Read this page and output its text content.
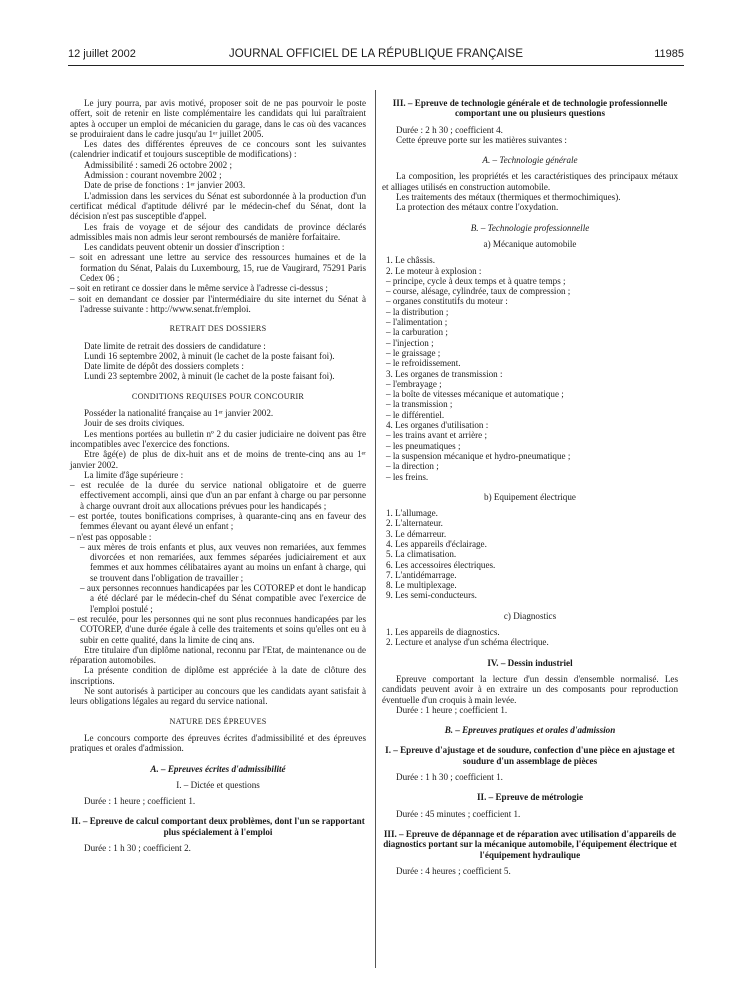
12 juillet 2002	JOURNAL OFFICIEL DE LA RÉPUBLIQUE FRANÇAISE	11985

Le jury pourra, par avis motivé, proposer soit de ne pas pourvoir le poste offert, soit de retenir en liste complémentaire les candidats qui lui paraîtraient aptes à occuper un emploi de mécanicien du garage, dans le cas où des vacances se produiraient dans le cadre jusqu'au 1ᵉʳ juillet 2005.

Les dates des différentes épreuves de ce concours sont les suivantes (calendrier indicatif et toujours susceptible de modifications) :

Admissibilité : samedi 26 octobre 2002 ;

Admission : courant novembre 2002 ;

Date de prise de fonctions : 1ᵉʳ janvier 2003.

L'admission dans les services du Sénat est subordonnée à la production d'un certificat médical d'aptitude délivré par le médecin-chef du Sénat, dont la décision n'est pas susceptible d'appel.

Les frais de voyage et de séjour des candidats de province déclarés admissibles mais non admis leur seront remboursés de manière forfaitaire.

Les candidats peuvent obtenir un dossier d'inscription :

– soit en adressant une lettre au service des ressources humaines et de la formation du Sénat, Palais du Luxembourg, 15, rue de Vaugirard, 75291 Paris Cedex 06 ;

– soit en retirant ce dossier dans le même service à l'adresse ci-dessus ;

– soit en demandant ce dossier par l'intermédiaire du site internet du Sénat à l'adresse suivante : http://www.senat.fr/emploi.

RETRAIT DES DOSSIERS

Date limite de retrait des dossiers de candidature :

Lundi 16 septembre 2002, à minuit (le cachet de la poste faisant foi).

Date limite de dépôt des dossiers complets :

Lundi 23 septembre 2002, à minuit (le cachet de la poste faisant foi).

CONDITIONS REQUISES POUR CONCOURIR

Posséder la nationalité française au 1ᵉʳ janvier 2002.

Jouir de ses droits civiques.

Les mentions portées au bulletin nº 2 du casier judiciaire ne doivent pas être incompatibles avec l'exercice des fonctions.

Etre âgé(e) de plus de dix-huit ans et de moins de trente-cinq ans au 1ᵉʳ janvier 2002.

La limite d'âge supérieure :

– est reculée de la durée du service national obligatoire et de guerre effectivement accompli, ainsi que d'un an par enfant à charge ou par personne à charge ouvrant droit aux allocations prévues pour les handicapés ;

– est portée, toutes bonifications comprises, à quarante-cinq ans en faveur des femmes élevant ou ayant élevé un enfant ;

– n'est pas opposable :

– aux mères de trois enfants et plus, aux veuves non remariées, aux femmes divorcées et non remariées, aux femmes séparées judiciairement et aux femmes et aux hommes célibataires ayant au moins un enfant à charge, qui se trouvent dans l'obligation de travailler ;

– aux personnes reconnues handicapées par les COTOREP et dont le handicap a été déclaré par le médecin-chef du Sénat compatible avec l'exercice de l'emploi postulé ;

– est reculée, pour les personnes qui ne sont plus reconnues handicapées par les COTOREP, d'une durée égale à celle des traitements et soins qu'elles ont eu à subir en cette qualité, dans la limite de cinq ans.

Etre titulaire d'un diplôme national, reconnu par l'Etat, de maintenance ou de réparation automobiles.

La présente condition de diplôme est appréciée à la date de clôture des inscriptions.

Ne sont autorisés à participer au concours que les candidats ayant satisfait à leurs obligations légales au regard du service national.

NATURE DES ÉPREUVES

Le concours comporte des épreuves écrites d'admissibilité et des épreuves pratiques et orales d'admission.

A. – Epreuves écrites d'admissibilité

I. – Dictée et questions

Durée : 1 heure ; coefficient 1.

II. – Epreuve de calcul comportant deux problèmes, dont l'un se rapportant plus spécialement à l'emploi

Durée : 1 h 30 ; coefficient 2.

III. – Epreuve de technologie générale et de technologie professionnelle comportant une ou plusieurs questions

Durée : 2 h 30 ; coefficient 4.

Cette épreuve porte sur les matières suivantes :

A. – Technologie générale

La composition, les propriétés et les caractéristiques des principaux métaux et alliages utilisés en construction automobile.

Les traitements des métaux (thermiques et thermochimiques).

La protection des métaux contre l'oxydation.

B. – Technologie professionnelle

a) Mécanique automobile

1. Le châssis.

2. Le moteur à explosion :

– principe, cycle à deux temps et à quatre temps ;

– course, alésage, cylindrée, taux de compression ;

– organes constitutifs du moteur :

– la distribution ;

– l'alimentation ;

– la carburation ;

– l'injection ;

– le graissage ;

– le refroidissement.

3. Les organes de transmission :

– l'embrayage ;

– la boîte de vitesses mécanique et automatique ;

– la transmission ;

– le différentiel.

4. Les organes d'utilisation :

– les trains avant et arrière ;

– les pneumatiques ;

– la suspension mécanique et hydro-pneumatique ;

– la direction ;

– les freins.

b) Equipement électrique

1. L'allumage.

2. L'alternateur.

3. Le démarreur.

4. Les appareils d'éclairage.

5. La climatisation.

6. Les accessoires électriques.

7. L'antidémarrage.

8. Le multiplexage.

9. Les semi-conducteurs.

c) Diagnostics

1. Les appareils de diagnostics.

2. Lecture et analyse d'un schéma électrique.

IV. – Dessin industriel

Epreuve comportant la lecture d'un dessin d'ensemble normalisé. Les candidats peuvent avoir à en extraire un des composants pour reproduction éventuelle d'un croquis à main levée.

Durée : 1 heure ; coefficient 1.

B. – Epreuves pratiques et orales d'admission

I. – Epreuve d'ajustage et de soudure, confection d'une pièce en ajustage et soudure d'un assemblage de pièces

Durée : 1 h 30 ; coefficient 1.

II. – Epreuve de métrologie

Durée : 45 minutes ; coefficient 1.

III. – Epreuve de dépannage et de réparation avec utilisation d'appareils de diagnostics portant sur la mécanique automobile, l'équipement électrique et l'équipement hydraulique

Durée : 4 heures ; coefficient 5.
